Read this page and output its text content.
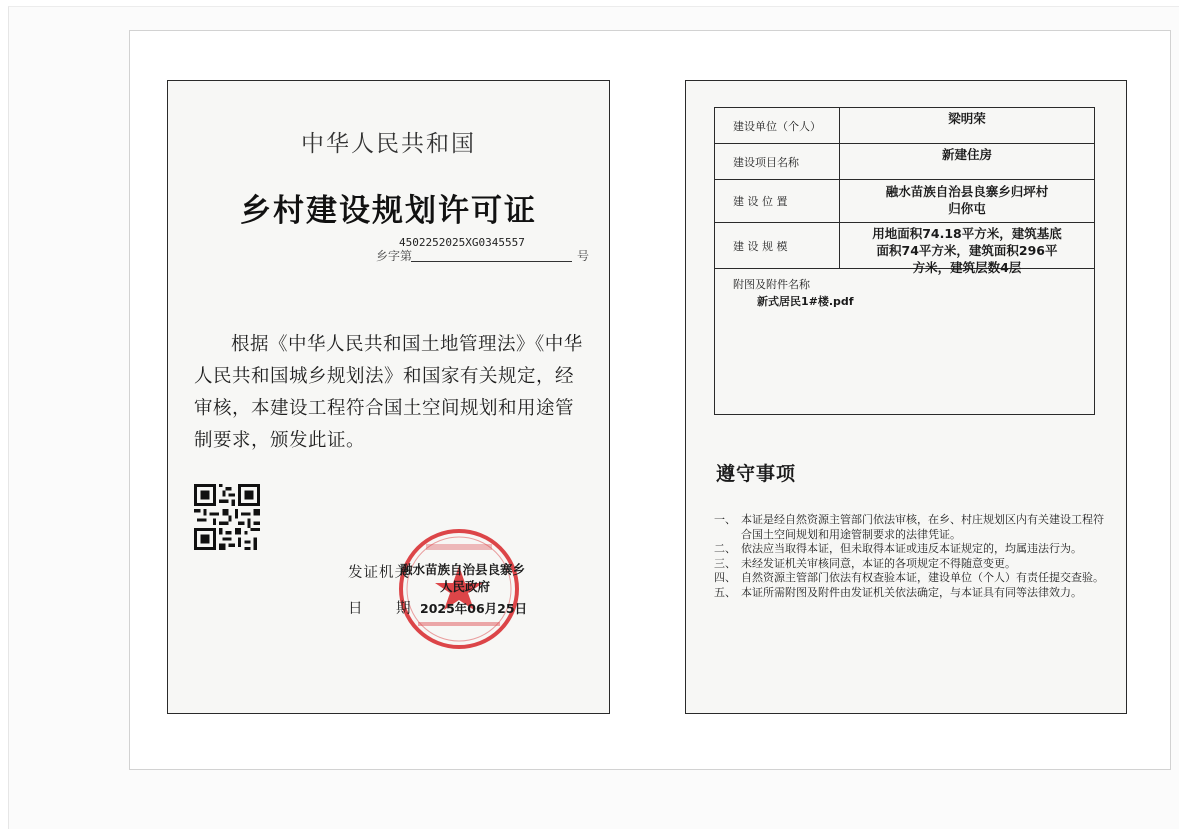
中华人民共和国
乡村建设规划许可证
乡字第
4502252025XG0345557
号
根据《中华人民共和国土地管理法》《中华人民共和国城乡规划法》和国家有关规定，经审核，本建设工程符合国土空间规划和用途管制要求，颁发此证。
发证机关
融水苗族自治县良寨乡
人民政府
日 期 2025年06月25日
建设单位（个人）	梁明荣
建设项目名称	新建住房
建 设 位 置
融水苗族自治县良寨乡归坪村归你屯
建 设 规 模
用地面积74.18平方米，建筑基底面积74平方米，建筑面积296平方米，建筑层数4层
附图及附件名称
新式居民1#楼.pdf
遵守事项
一、 本证是经自然资源主管部门依法审核，在乡、村庄规划区内有关建设工程符合国土空间规划和用途管制要求的法律凭证。
二、 依法应当取得本证，但未取得本证或违反本证规定的，均属违法行为。
三、 未经发证机关审核同意，本证的各项规定不得随意变更。
四、 自然资源主管部门依法有权查验本证，建设单位（个人）有责任提交查验。
五、 本证所需附图及附件由发证机关依法确定，与本证具有同等法律效力。
